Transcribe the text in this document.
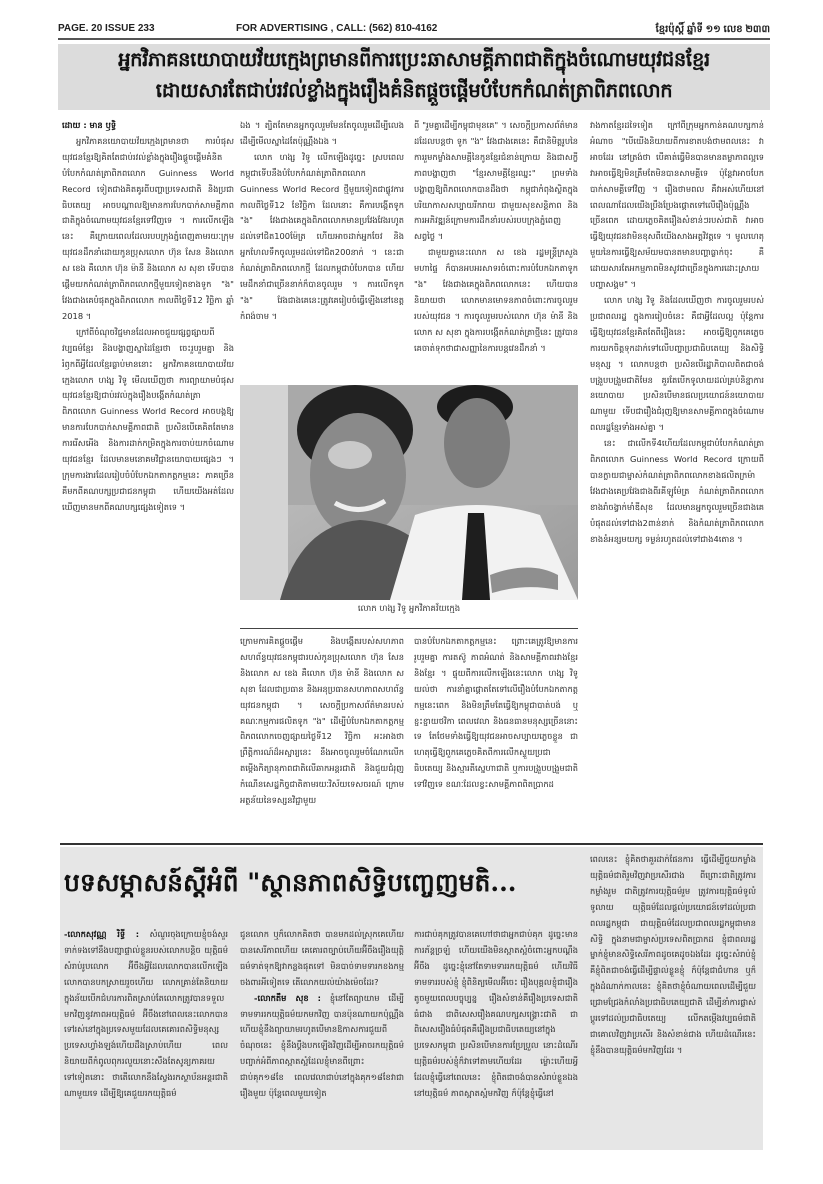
PAGE. 20 ISSUE 233	FOR ADVERTISING , CALL: (562) 810-4162	ខ្មែរប៉ុស្តិ៍ ឆ្នាំទី ១១ លេខ ២៣៣
អ្នកវិភាគនយោបាយវ័យក្មេងព្រមានពីការប្រេះឆាសាមគ្គីភាពជាតិក្នុងចំណោមយុវជនខ្មែរ
ដោយសារតែជាប់រវល់ខ្លាំងក្នុងរឿងគំនិតផ្តួចផ្តើមបំបែកកំណត់ត្រាពិភពលោក

ដោយ : មាន ឫទ្ធិ

អ្នកវិភាគនយោបាយវ័យក្មេងព្រមានថា ការបំផុសយុវជនខ្មែរឱ្យគិតតែជាប់រវល់ខ្លាំងក្នុងរឿងផ្តួចផ្តើមគំនិតបំបែកកំណត់ត្រាពិភពលោក Guinness World Record ទៀតជាងគិតគូរពីបញ្ហាប្រទេសជាតិ និងប្រជាធិបតេយ្យ អាចបណ្តាលឱ្យមានការបែកបាក់សាមគ្គីភាពជាតិក្នុងចំណោមយុវជនខ្មែរទៅវិញទេ ។ ការលើកឡើងនេះ គឺក្រោយពេលដែលរបបក្រុងភ្នំពេញតាមរយៈក្រុមយុវជនដឹកនាំដោយកូនប្រុសលោក ហ៊ុន សែន និងលោក ស ខេង គឺលោក ហ៊ុន ម៉ានី និងលោក ស សុខា ទើបបានផ្តើមយកកំណត់ត្រាពិភពលោកថ្មីមួយទៀតខាងទូក "ង" វែងជាងគេបំផុតក្នុងពិភពលោក កាលពីថ្ងៃទី12 វិច្ឆិកា ឆ្នាំ 2018 ។

ក្រៅពីចំណុចវិជ្ជមានដែលអាចជួយផ្សព្វផ្សាយពីវប្បធម៌ខ្មែរ និងបង្ហាញស្នាដៃខ្មែរថា ចេះរួបរួមគ្នា និងរំឭកពីអ្វីដែលខ្មែរធ្លាប់មាននោះ អ្នកវិភាគនយោបាយវ័យក្មេងលោក ហង្ស វិទូ មើលឃើញថា ការព្យាយាមបំផុសយុវជនខ្មែរឱ្យជាប់រវល់ក្នុងរឿងបង្កើតកំណត់ត្រាពិភពលោក Guinness World Record អាចបង្កឱ្យមានការបែកបាក់សាមគ្គីភាពជាតិ ប្រសិនបើគេគិតតែមានការរើសអើង និងការដាក់កម្រិតក្នុងការចាប់យកចំណោមយុវជនខ្មែរ ដែលមានមនោគមវិជ្ជានយោបាយផ្សេងៗ ។ ក្រុមការងារដែលរៀបចំបំបែកឯកតាកត្តកម្មនេះ ភាគច្រើន គឺមកពីគណបក្សប្រជាជនកម្ពុជា ហើយយើងអត់ដែលឃើញមានមកពីគណបក្សផ្សេងទៀតទេ ។

ឯង ។ ត្បិតតែមានអ្នកចូលរួមមែនតែចូលរួមដើម្បីលេងដើម្បីមើលស្នាដៃតែប៉ុណ្ណឹងឯង ។

លោក ហង្ស វិទូ លើកឡើងដូច្នេះ ស្របពេលកម្ពុជាទើបនឹងបំបែកកំណត់ត្រាពិភពលោក Guinness World Record ថ្មីមួយទៀតជាផ្លូវការកាលពីថ្ងៃទី12 ខែវិច្ឆិកា ដែលនោះ គឺការបង្កើតទូក "ង" វែងជាងគេក្នុងពិភពលោកមានប្រវែងវែងរហូតដល់ទៅជិត100ម៉ែត្រ ហើយអាចដាក់អ្នកចែវ និងអ្នកហែលទឹកចូលរួមដល់ទៅជិត200នាក់ ។ នេះជាកំណត់ត្រាពិភពលោកថ្មី ដែលកម្ពុជាបំបែកបាន ហើយមេដឹកនាំជាច្រើននាក់ក៏បានចូលរួម ។ ការលើកទូក "ង" វែងជាងគេនេះត្រូវគេរៀបចំធ្វើឡើងនៅខេត្តកំពង់ចាម ។

ពី "រួមគ្នាដើម្បីកម្ពុជាមុនគេ" ។ សេចក្តីប្រកាសព័ត៌មានដដែលបន្តថា ទូក "ង" វែងជាងគេនេះ គឺជានិមិត្តរូបនៃការរួមកម្លាំងសាមគ្គីនៃកូនខ្មែរជំនាន់ក្រោយ និងជាសក្ខីភាពបង្ហាញថា "ខ្មែរសាមគ្គីខ្មែរឈ្នះ" ព្រមទាំងបង្ហាញឱ្យពិភពលោកបានដឹងថា កម្ពុជាកំពុងស្ថិតក្នុងបរិយាកាសសប្បាយរីករាយ ជាមួយសុខសន្តិភាព និងការអភិវឌ្ឍន៍ក្រោមការដឹកនាំរបស់របបក្រុងភ្នំពេញសព្វថ្ងៃ ។

ជាមួយគ្នានេះលោក ស ខេង រដ្ឋមន្ត្រីក្រសួងមហាផ្ទៃ ក៏បានអបអរសាទរចំពោះការបំបែកឯកតាទូក "ង" វែងជាងគេក្នុងពិភពលោកនេះ ហើយបាននិយាយថា លោកមានមោទនភាពចំពោះការចូលរួមរបស់យុវជន ។ ការចូលរួមរបស់លោក ហ៊ុន ម៉ានី និងលោក ស សុខា ក្នុងការបង្កើតកំណត់ត្រាថ្មីនេះ ត្រូវបានគេចាត់ទុកថាជាសញ្ញានៃការបន្តវេនដឹកនាំ ។

លោក ហង្ស វិទូ អ្នកវិភាគវ័យក្មេង

ក្រោមការគិតផ្តួចផ្តើម និងបង្កើតរបស់សហភាពសហព័ន្ធយុវជនកម្ពុជារបស់កូនប្រុសលោក ហ៊ុន សែន និងលោក ស ខេង គឺលោក ហ៊ុន ម៉ានី និងលោក ស សុខា ដែលជាប្រធាន និងអនុប្រធានសហភាពសហព័ន្ធយុវជនកម្ពុជា ។ សេចក្តីប្រកាសព័ត៌មានរបស់គណៈកម្មការផលិតទូក "ង" ដើម្បីបំបែកឯកតាកត្តកម្មពិភពលោកចេញផ្សាយថ្ងៃទី12 វិច្ឆិកា អះអាងថា ព្រឹត្តិការណ៍ដ៏អស្ចារ្យនេះ នឹងអាចចូលរួមចំណែកលើកតម្កើងកិត្យានុភាពជាតិលើឆាកអន្តរជាតិ និងជួយជំរុញកំណើនសេដ្ឋកិច្ចជាតិតាមរយៈវិស័យទេសចរណ៍ ក្រោមអត្ថន័យនៃទស្សនវិជ្ជាមួយ

បានបំបែកឯកតាកត្តកម្មនេះ ព្រោះគេត្រូវឱ្យមានការរួបរួមគ្នា ការតស៊ូ ភាពអំណត់ និងសាមគ្គីភាពរវាងខ្មែរ និងខ្មែរ ។ ផ្ទុយពីការលើកឡើងនេះលោក ហង្ស វិទូ យល់ថា ការនាំគ្នាផ្តោតតែទៅលើរឿងបំបែកឯកតាកត្តកម្មនេះពេក និងមិនត្រឹមតែធ្វើឱ្យកម្ពុជាបាត់បង់ ឬខ្ជះខ្ជាយថវិកា ពេលវេលា និងធនធានមនុស្សច្រើននោះទេ តែថែមទាំងធ្វើឱ្យយុវជនអាចសប្បាយភ្លេចខ្លួន ជាហេតុធ្វើឱ្យពួកគេភ្លេចគិតពីការលើកស្ទួយប្រជាធិបតេយ្យ និងស្មារតីស្នេហាជាតិ ឬការបង្រួបបង្រួមជាតិទៅវិញទេ ខណៈដែលខ្វះសាមគ្គីភាពពិតប្រាកដ

វាងកាតខ្មែរដទៃទៀត ក្រៅពីក្រុមអ្នកកាន់គណបក្សកាន់អំណាច "បើយើងនិយាយពីការខាតបង់ថាមពលនេះ វាអាចដែរ នៅត្រង់ថា បើគាត់ធ្វើមិនបានមានតម្លាភាពល្អទេ វាអាចធ្វើឱ្យមិនត្រឹមតែមិនបានសាមគ្គីទេ ប៉ុន្តែវាអាចបែកបាក់សាមគ្គីទៅវិញ ។ រឿងថាមពល គឺវាអស់ហើយនៅពេលណាដែលយើងប្រឹងប្រែងផ្តោតទៅលើរឿងប៉ុណ្ណឹងច្រើនពេក ដោយភ្លេចគិតរឿងសំខាន់ៗរបស់ជាតិ វាអាចធ្វើឱ្យយុវជនវាមិនខុសពីយើងសាងអត្តវិវត្តទេ ។ មូលហេតុមួយនៃការធ្វើឱ្យសម័យមបានតមានបញ្ហាធ្លាក់ចុះ គឺដោយសារតែអកម្មភាពមិនសូវជាច្រើនក្នុងការដោះស្រាយបញ្ហាសង្គម" ។

លោក ហង្ស វិទូ និងដែលឃើញថា ការចូលរួមរបស់ប្រជាពលរដ្ឋ ក្នុងការរៀបចំនេះ គឺជាអ្វីដែលល្អ ប៉ុន្តែការធ្វើឱ្យយុវជនខ្មែរគិតតែពីរឿងនេះ អាចធ្វើឱ្យពួកគេភ្លេចការយកចិត្តទុកដាក់ទៅលើបញ្ហាប្រជាធិបតេយ្យ និងសិទ្ធិមនុស្ស ។ លោកបន្តថា ប្រសិនបើរដ្ឋាភិបាលពិតជាចង់បង្រួបបង្រួមជាតិមែន គួរតែបើកទូលាយដល់គ្រប់និន្នាការនយោបាយ ប្រសិនបើមានផលប្រយោជន៍នយោបាយណាមួយ ទើបជារឿងជំរុញឱ្យមានសាមគ្គីភាពក្នុងចំណោមពលរដ្ឋខ្មែរទាំងអស់គ្នា ។

នេះ ជាលើកទី4ហើយដែលកម្ពុជាបំបែកកំណត់ត្រាពិភពលោក Guinness World Record ក្រោយពីបានក្លាយជាម្ចាស់កំណត់ត្រាពិភពលោកខាងផលិតក្រម៉ាវែងជាងគេប្រវែងជាងពីរគីឡូម៉ែត្រ កំណត់ត្រាពិភពលោក ខាងរាំចង្វាក់មាំឌីសុខ ដែលមានអ្នកចូលរួមច្រើនជាងគេបំផុតដល់ទៅជាង2ពាន់នាក់ និងកំណត់ត្រាពិភពលោកខាងនំអន្សមយក្ស ទម្ងន់រហូតដល់ទៅជាង4តោន ។

បទសម្ភាសន៍ស្តីអំពី "ស្ថានភាពសិទ្ធិបញ្ចេញមតិ...

-លោកសុវណ្ណ រិទ្ធី : សំណួរចុងក្រោយខ្ញុំចង់សួរទាក់ទងទៅនឹងបញ្ហាផ្ទាល់ខ្លួនរបស់លោកបន្តិច យុត្តិធម៌សំរាប់រូបលោក អ៊ីចឹងអ្វីដែលលោកបានលើកឡើង លោកបានបកស្រាយរួចហើយ លោកគ្រាន់តែនិយាយក្នុងន័យបើកជំហរការពិតស្រាប់តែលោកត្រូវបានទទួលមកវិញនូវភាពអយុត្តិធម៌ អ៊ីចឹងនៅពេលនេះលោកបានទៅរស់នៅក្នុងប្រទេសមួយដែលគេគោរពសិទ្ធិមនុស្សប្រទេសហ្វាំងឡង់ហើយដឹងស្រាប់ហើយ ពេលនិយាយពីកំពូលពុករលួយនោះសឹងតែសូន្យភាគរយទៅទៀតនោះ ថាតើលោកនឹងស្វែងរកស្ថាប័នអន្តរជាតិណាមួយទេ ដើម្បីឱ្យគេជួយរកយុត្តិធម៌

ជូនលោក ឬក៏លោកគិតថា បានមកដល់ស្រុកគេហើយបានសេរីភាពហើយ គេគោរពច្បាប់ហើយអ៊ីចឹងរឿងយុត្តិធម៌ទាត់ទុកឱ្យវាកន្លងផុតទៅ មិនបាច់ទាមទារកខងកម្មចងពារអីទៀតទេ តើលោកយល់យ៉ាងម៉េចដែរ?

-លោកតឹម សុខ : ខ្ញុំនៅតែព្យាយាម ដើម្បីទាមទាររកយុត្តិធម៌យកមកវិញ បានប៉ុនណាយកប៉ុណ្ណឹង ហើយខ្ញុំនឹងព្យាយាមរហូតបើមានឱកាសការជួយពីចំណុចនេះ ខ្ញុំនឹងប្តឹងបកឡើងវិញដើម្បីអាចរកយុត្តិធម៌បញ្ចាក់អំពីភាពស្អាតស្អំដែលខ្ញុំមានពីព្រោះជាប់គុក១៨ខែ ពេលវេលាជាប់នៅក្នុងគុក១៨ខែវាជារឿងមួយ ប៉ុន្តែពេលមួយទៀត

ការជាប់គុកត្រូវបានគេហៅថាជាអ្នកជាប់គុក ដូច្នេះមានការភ័ន្តច្រឡំ ហើយយើងមិនស្អាតស្អំចំពោះអ្នកបណ្ដឹងអ៊ីចឹង ដូច្នេះខ្ញុំនៅតែទាមទាររកយុត្តិធម៌ ហើយវិធីទាមទាររបស់ខ្ញុំ ខ្ញុំពិនិត្យមើលអ៊ីចេះ រឿងបុគ្គលខ្ញុំជារឿងតូចមួយពេលបច្ចុប្បន្ន រឿងសំខាន់គឺរឿងប្រទេសជាតិធំជាង ជាពិសេសរឿងគណបក្សសង្គ្រោះជាតិ ជាពិសេសរឿងធំបំផុតគឺរឿងប្រជាធិបតេយ្យនៅក្នុងប្រទេសកម្ពុជា ប្រសិនបើមានការប្រែប្រួល នោះដំណើរយុត្តិធម៌របស់ខ្ញុំក៏វាទៅតាមហើយដែរ ម្ល៉ោះហើយអ្វីដែលខ្ញុំធ្វើនៅពេលនេះ ខ្ញុំពិតជាចង់បានសំរាប់ខ្លួនឯងនៅយុត្តិធម៌ ភាពស្អាតស្អំមកវិញ ក៏ប៉ុន្តែខ្ញុំធ្វើនៅ

ពេលនេះ ខ្ញុំគិតថាគួរដាក់ផែនការ ធ្វើដើម្បីជួយកម្លាំងយុត្តិធម៌ជាតិរួមវិញវាប្រសើរជាង ពីព្រោះជាតិត្រូវការកម្លាំងរួម ជាតិត្រូវការយុត្តិធម៌រួម ត្រូវការយុត្តិធម៌ទូលំទូលាយ យុត្តិធម៌ដែលផ្តល់ប្រយោជន៍ទៅដល់ប្រជាពលរដ្ឋកម្ពុជា ជាយុត្តិធម៌ដែលប្រជាពលរដ្ឋកម្ពុជាមានសិទ្ធិ ក្នុងនាមជាម្ចាស់ប្រទេសពិតប្រាកដ ខ្ញុំជាពលរដ្ឋម្នាក់ខ្ញុំមានសិទ្ធិសេរីភាពដូចគេដូចឯងដែរ ដូច្នេះសំរាប់ខ្ញុំ គឺខ្ញុំពិតជាចង់ធ្វើដើម្បីផ្ទាល់ខ្លួនខ្ញុំ ក៏ប៉ុន្តែជាជំហាន ឬក៏ក្នុងដំណាក់កាលនេះ ខ្ញុំគិតថាខ្ញុំចំណាយពេលដើម្បីជួយជ្រោមជ្រែងកំលាំងប្រជាធិបតេយ្យជាតិ ដើម្បីនាំការផ្លាស់ប្តូរទៅដល់ប្រជាធិបតេយ្យ លើកតម្កើងវប្បធម៌ជាតិជាគោលវិញវាប្រសើរ និងសំខាន់ជាង ហើយដំណើរនេះខ្ញុំនឹងបានយុត្តិធម៌មកវិញដែរ ។
